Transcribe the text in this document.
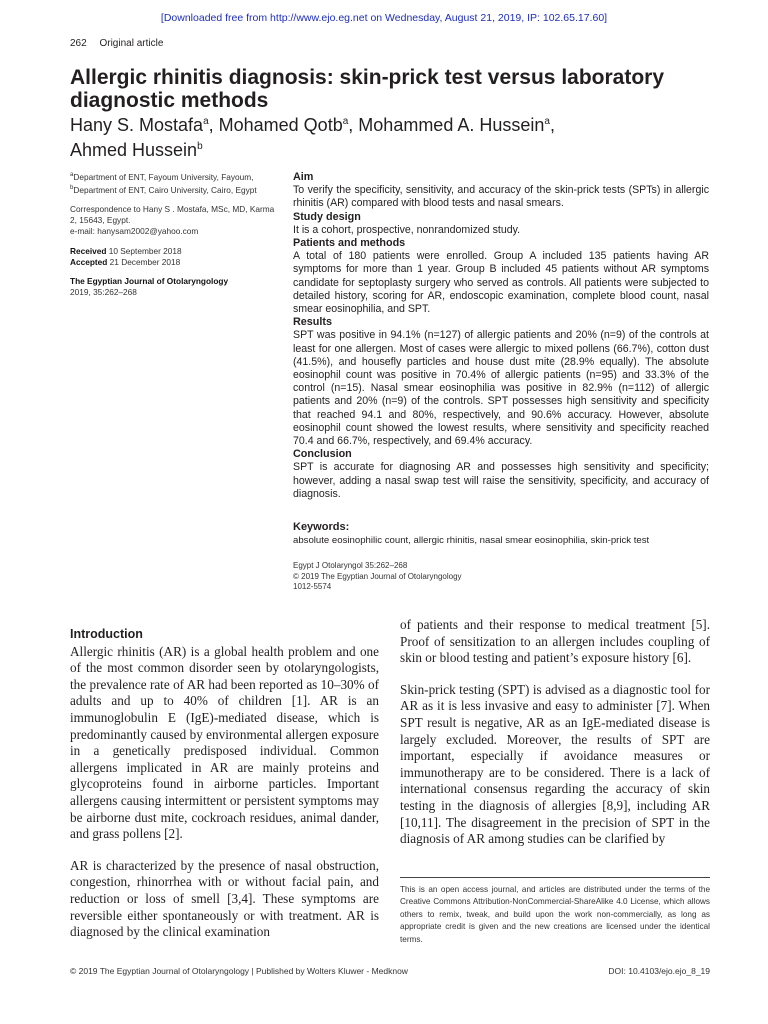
[Downloaded free from http://www.ejo.eg.net on Wednesday, August 21, 2019, IP: 102.65.17.60]
262 Original article
Allergic rhinitis diagnosis: skin-prick test versus laboratory diagnostic methods
Hany S. Mostafa$^a$, Mohamed Qotb$^a$, Mohammed A. Hussein$^a$,
Ahmed Hussein$^b$

$^a$Department of ENT, Fayoum University, Fayoum, $^b$Department of ENT, Cairo University, Cairo, Egypt

Correspondence to Hany S . Mostafa, MSc, MD, Karma 2, 15643, Egypt.
e-mail: hanysam2002@yahoo.com

Received 10 September 2018
Accepted 21 December 2018

The Egyptian Journal of Otolaryngology
2019, 35:262–268

Aim

To verify the specificity, sensitivity, and accuracy of the skin-prick tests (SPTs) in allergic rhinitis (AR) compared with blood tests and nasal smears.

Study design

It is a cohort, prospective, nonrandomized study.

Patients and methods

A total of 180 patients were enrolled. Group A included 135 patients having AR symptoms for more than 1 year. Group B included 45 patients without AR symptoms candidate for septoplasty surgery who served as controls. All patients were subjected to detailed history, scoring for AR, endoscopic examination, complete blood count, nasal smear eosinophilia, and SPT.

Results

SPT was positive in 94.1% (n=127) of allergic patients and 20% (n=9) of the controls at least for one allergen. Most of cases were allergic to mixed pollens (66.7%), cotton dust (41.5%), and housefly particles and house dust mite (28.9% equally). The absolute eosinophil count was positive in 70.4% of allergic patients (n=95) and 33.3% of the control (n=15). Nasal smear eosinophilia was positive in 82.9% (n=112) of allergic patients and 20% (n=9) of the controls. SPT possesses high sensitivity and specificity that reached 94.1 and 80%, respectively, and 90.6% accuracy. However, absolute eosinophil count showed the lowest results, where sensitivity and specificity reached 70.4 and 66.7%, respectively, and 69.4% accuracy.

Conclusion

SPT is accurate for diagnosing AR and possesses high sensitivity and specificity; however, adding a nasal swap test will raise the sensitivity, specificity, and accuracy of diagnosis.

Keywords:

absolute eosinophilic count, allergic rhinitis, nasal smear eosinophilia, skin-prick test

Egypt J Otolaryngol 35:262–268
© 2019 The Egyptian Journal of Otolaryngology
1012-5574
Introduction

Allergic rhinitis (AR) is a global health problem and one of the most common disorder seen by otolaryngologists, the prevalence rate of AR had been reported as 10–30% of adults and up to 40% of children [1]. AR is an immunoglobulin E (IgE)-mediated disease, which is predominantly caused by environmental allergen exposure in a genetically predisposed individual. Common allergens implicated in AR are mainly proteins and glycoproteins found in airborne particles. Important allergens causing intermittent or persistent symptoms may be airborne dust mite, cockroach residues, animal dander, and grass pollens [2].

AR is characterized by the presence of nasal obstruction, congestion, rhinorrhea with or without facial pain, and reduction or loss of smell [3,4]. These symptoms are reversible either spontaneously or with treatment. AR is diagnosed by the clinical examination

of patients and their response to medical treatment [5]. Proof of sensitization to an allergen includes coupling of skin or blood testing and patient’s exposure history [6].

Skin-prick testing (SPT) is advised as a diagnostic tool for AR as it is less invasive and easy to administer [7]. When SPT result is negative, AR as an IgE-mediated disease is largely excluded. Moreover, the results of SPT are important, especially if avoidance measures or immunotherapy are to be considered. There is a lack of international consensus regarding the accuracy of skin testing in the diagnosis of allergies [8,9], including AR [10,11]. The disagreement in the precision of SPT in the diagnosis of AR among studies can be clarified by

This is an open access journal, and articles are distributed under the terms of the Creative Commons Attribution-NonCommercial-ShareAlike 4.0 License, which allows others to remix, tweak, and build upon the work non-commercially, as long as appropriate credit is given and the new creations are licensed under the identical terms.
© 2019 The Egyptian Journal of Otolaryngology | Published by Wolters Kluwer - Medknow	DOI: 10.4103/ejo.ejo_8_19
